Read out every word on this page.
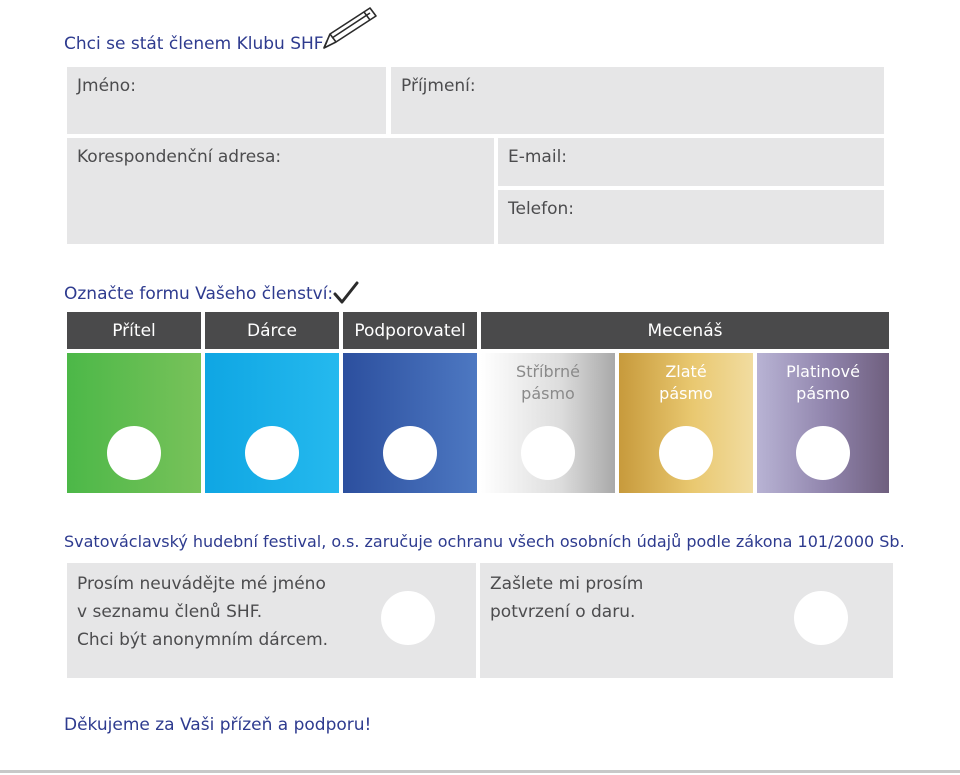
Chci se stát členem Klubu SHF
Jméno:	Příjmení:
Korespondenční adresa:	E-mail:
Telefon:
Označte formu Vašeho členství:
Přítel	Dárce	Podporovatel	Mecenáš
Stříbrné
pásmo
Zlaté
pásmo
Platinové
pásmo
Svatováclavský hudební festival, o.s. zaručuje ochranu všech osobních údajů podle zákona 101/2000 Sb.
Prosím neuvádějte mé jméno
v seznamu členů SHF.
Chci být anonymním dárcem.
Zašlete mi prosím
potvrzení o daru.
Děkujeme za Vaši přízeň a podporu!
